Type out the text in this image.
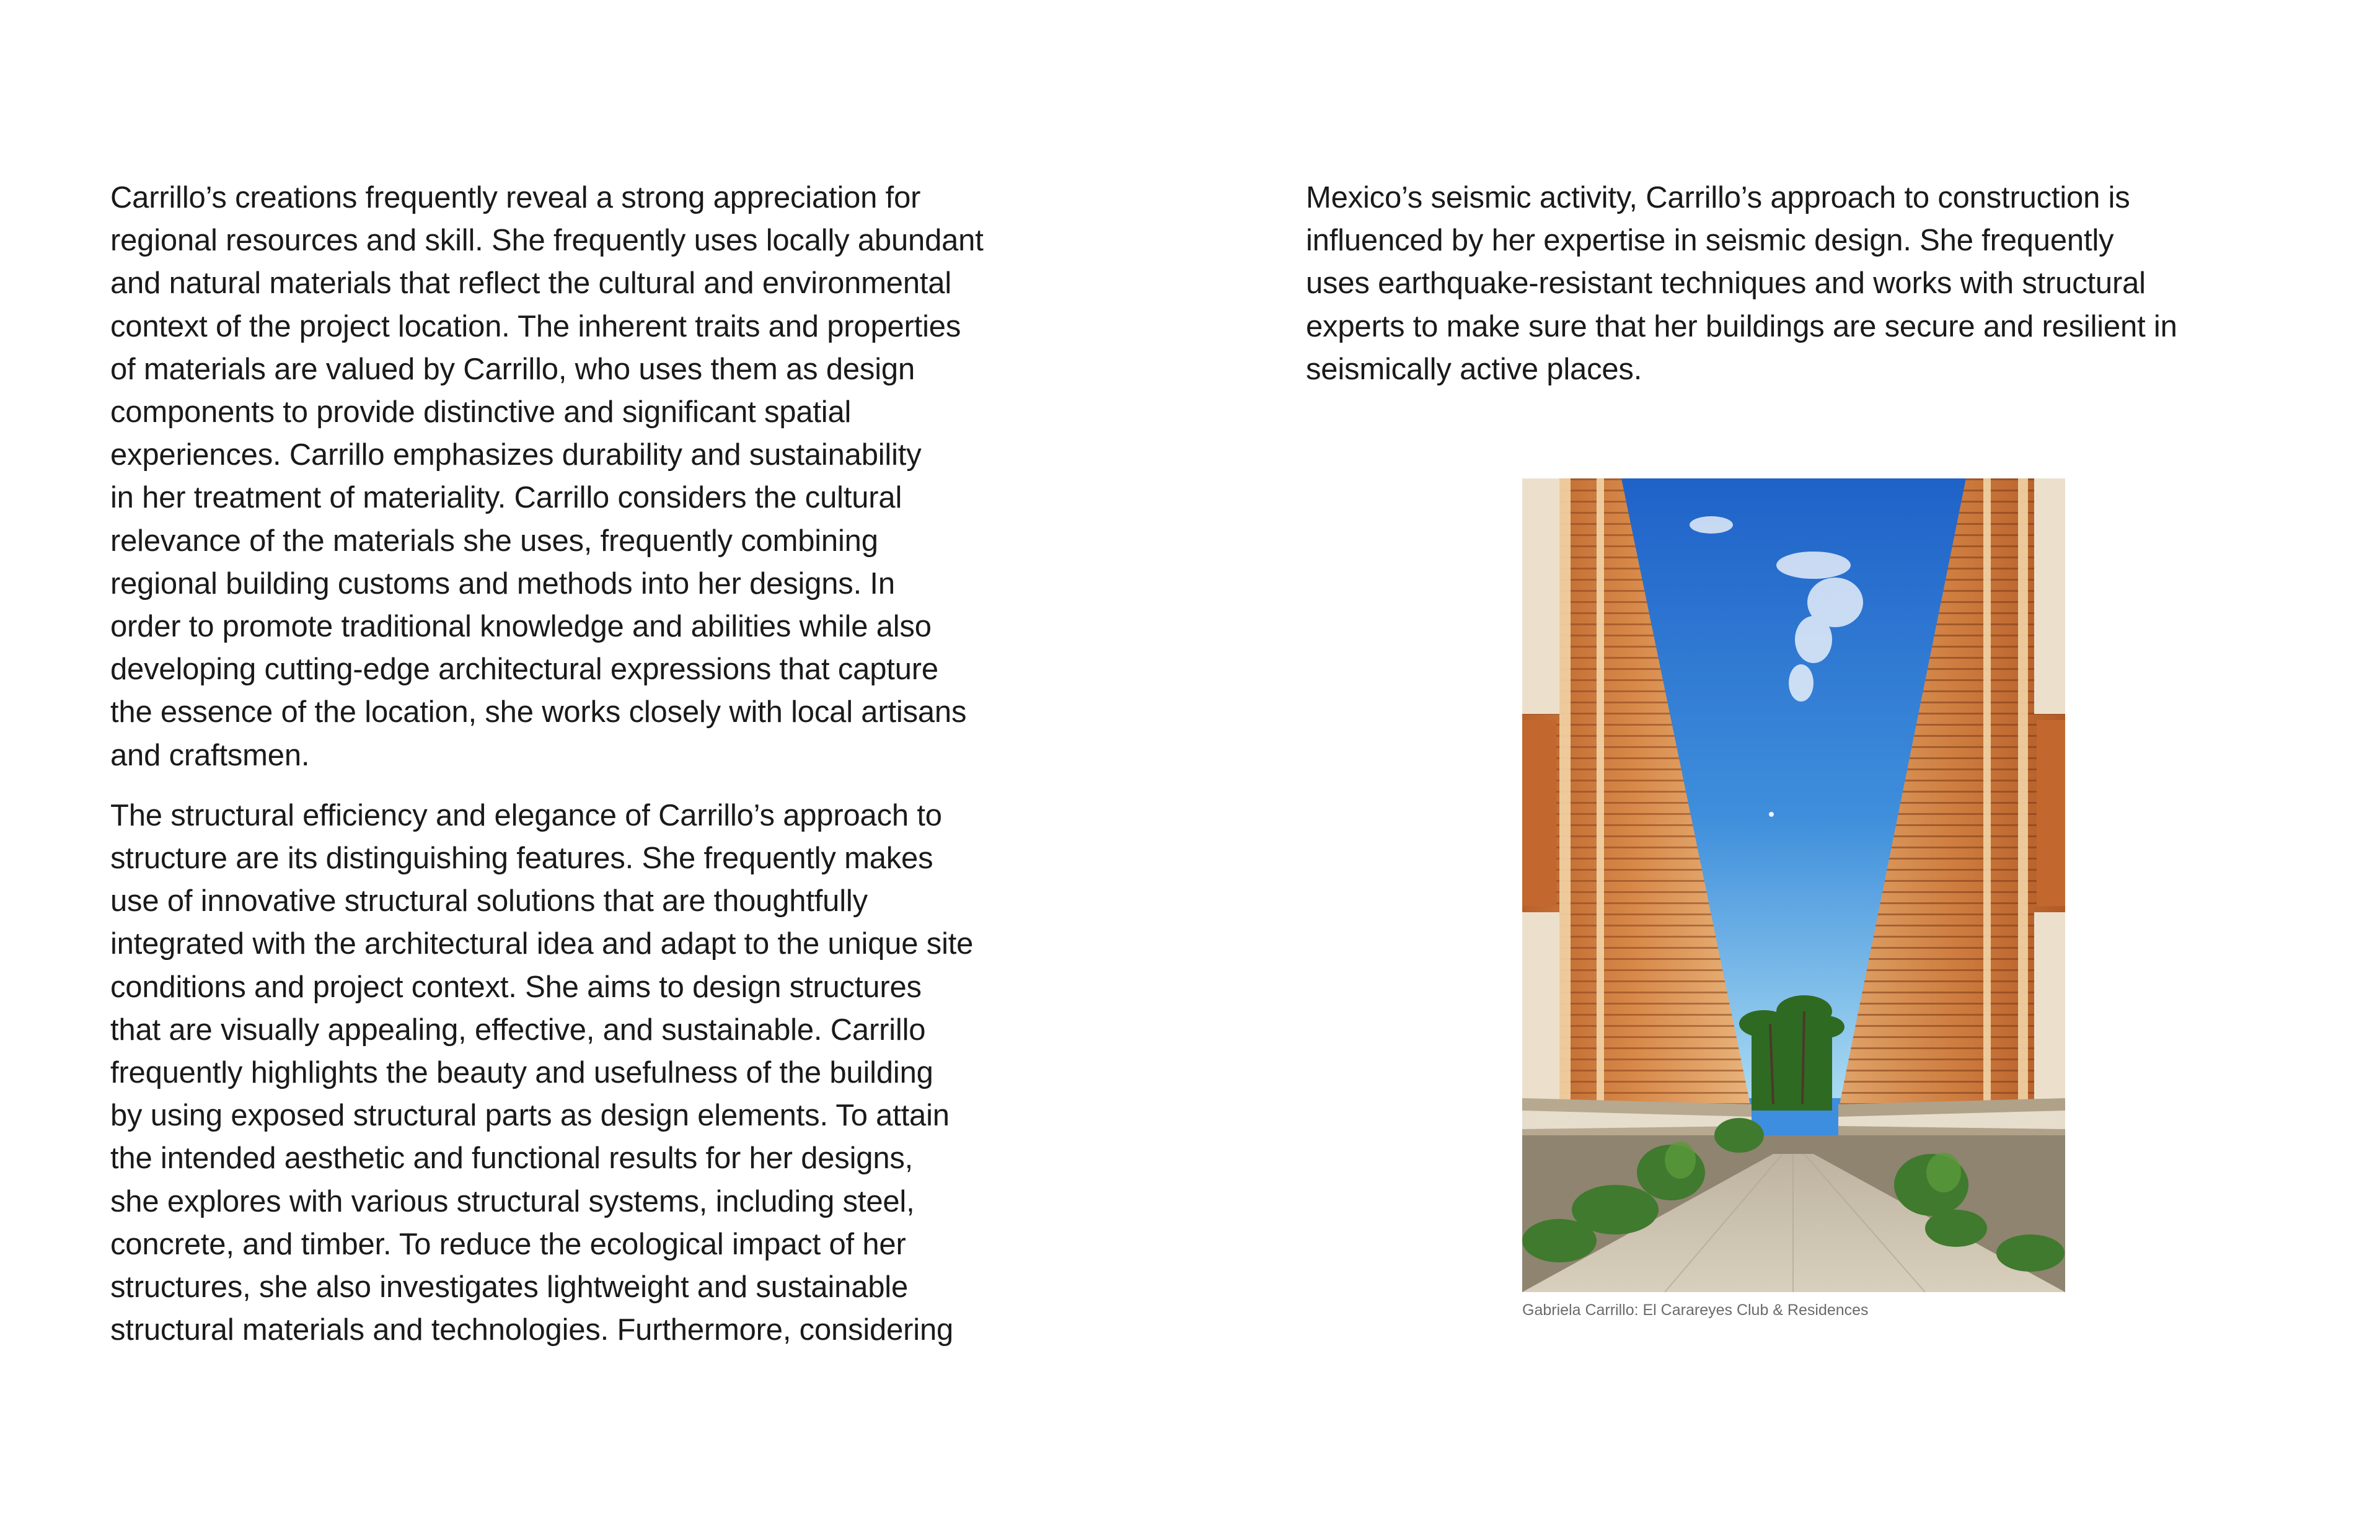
Carrillo’s creations frequently reveal a strong appreciation for
regional resources and skill. She frequently uses locally abundant
and natural materials that reflect the cultural and environmental
context of the project location. The inherent traits and properties
of materials are valued by Carrillo, who uses them as design
components to provide distinctive and significant spatial
experiences. Carrillo emphasizes durability and sustainability
in her treatment of materiality. Carrillo considers the cultural
relevance of the materials she uses, frequently combining
regional building customs and methods into her designs. In
order to promote traditional knowledge and abilities while also
developing cutting-edge architectural expressions that capture
the essence of the location, she works closely with local artisans
and craftsmen.

The structural efficiency and elegance of Carrillo’s approach to
structure are its distinguishing features. She frequently makes
use of innovative structural solutions that are thoughtfully
integrated with the architectural idea and adapt to the unique site
conditions and project context. She aims to design structures
that are visually appealing, effective, and sustainable. Carrillo
frequently highlights the beauty and usefulness of the building
by using exposed structural parts as design elements. To attain
the intended aesthetic and functional results for her designs,
she explores with various structural systems, including steel,
concrete, and timber. To reduce the ecological impact of her
structures, she also investigates lightweight and sustainable
structural materials and technologies. Furthermore, considering

Mexico’s seismic activity, Carrillo’s approach to construction is
influenced by her expertise in seismic design. She frequently
uses earthquake-resistant techniques and works with structural
experts to make sure that her buildings are secure and resilient in
seismically active places.

Gabriela Carrillo: El Carareyes Club & Residences
